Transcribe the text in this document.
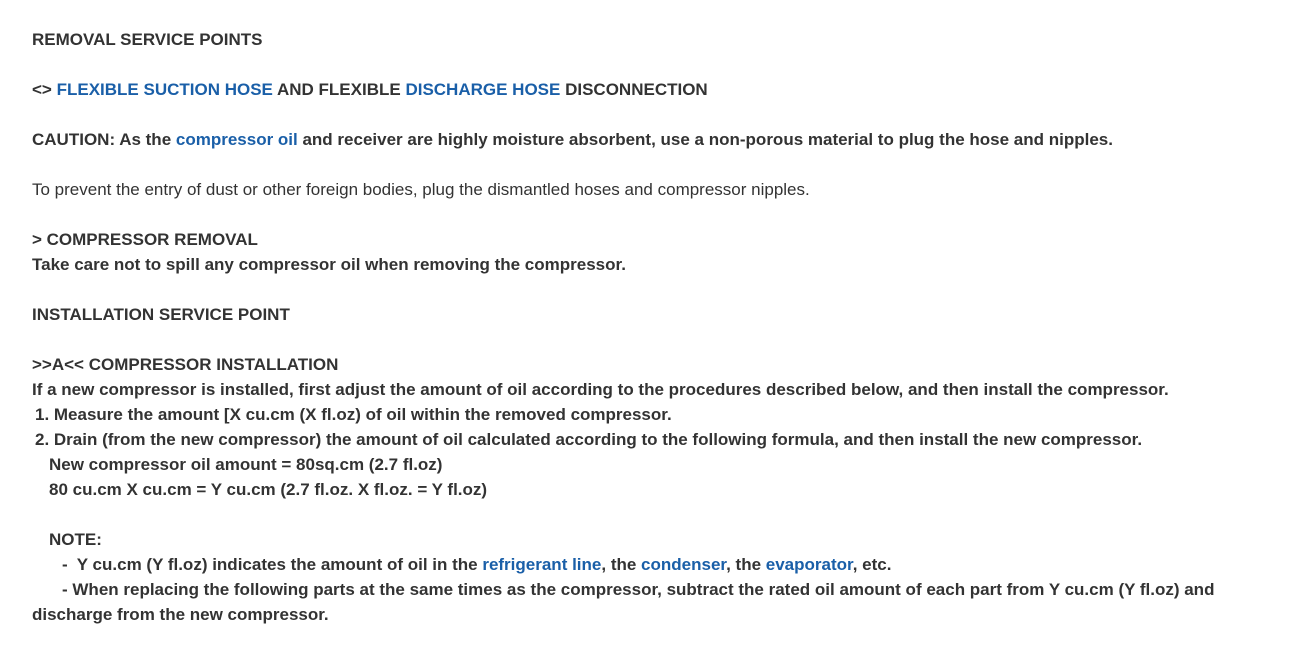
REMOVAL SERVICE POINTS

<> FLEXIBLE SUCTION HOSE AND FLEXIBLE DISCHARGE HOSE DISCONNECTION

CAUTION: As the compressor oil and receiver are highly moisture absorbent, use a non-porous material to plug the hose and nipples.

To prevent the entry of dust or other foreign bodies, plug the dismantled hoses and compressor nipples.

> COMPRESSOR REMOVAL

Take care not to spill any compressor oil when removing the compressor.

INSTALLATION SERVICE POINT

>>A<< COMPRESSOR INSTALLATION

If a new compressor is installed, first adjust the amount of oil according to the procedures described below, and then install the compressor.

1. Measure the amount [X cu.cm (X fl.oz) of oil within the removed compressor.

2. Drain (from the new compressor) the amount of oil calculated according to the following formula, and then install the new compressor.

New compressor oil amount = 80sq.cm (2.7 fl.oz)

80 cu.cm X cu.cm = Y cu.cm (2.7 fl.oz. X fl.oz. = Y fl.oz)

NOTE:

-  Y cu.cm (Y fl.oz) indicates the amount of oil in the refrigerant line, the condenser, the evaporator, etc.

- When replacing the following parts at the same times as the compressor, subtract the rated oil amount of each part from Y cu.cm (Y fl.oz) and discharge from the new compressor.
